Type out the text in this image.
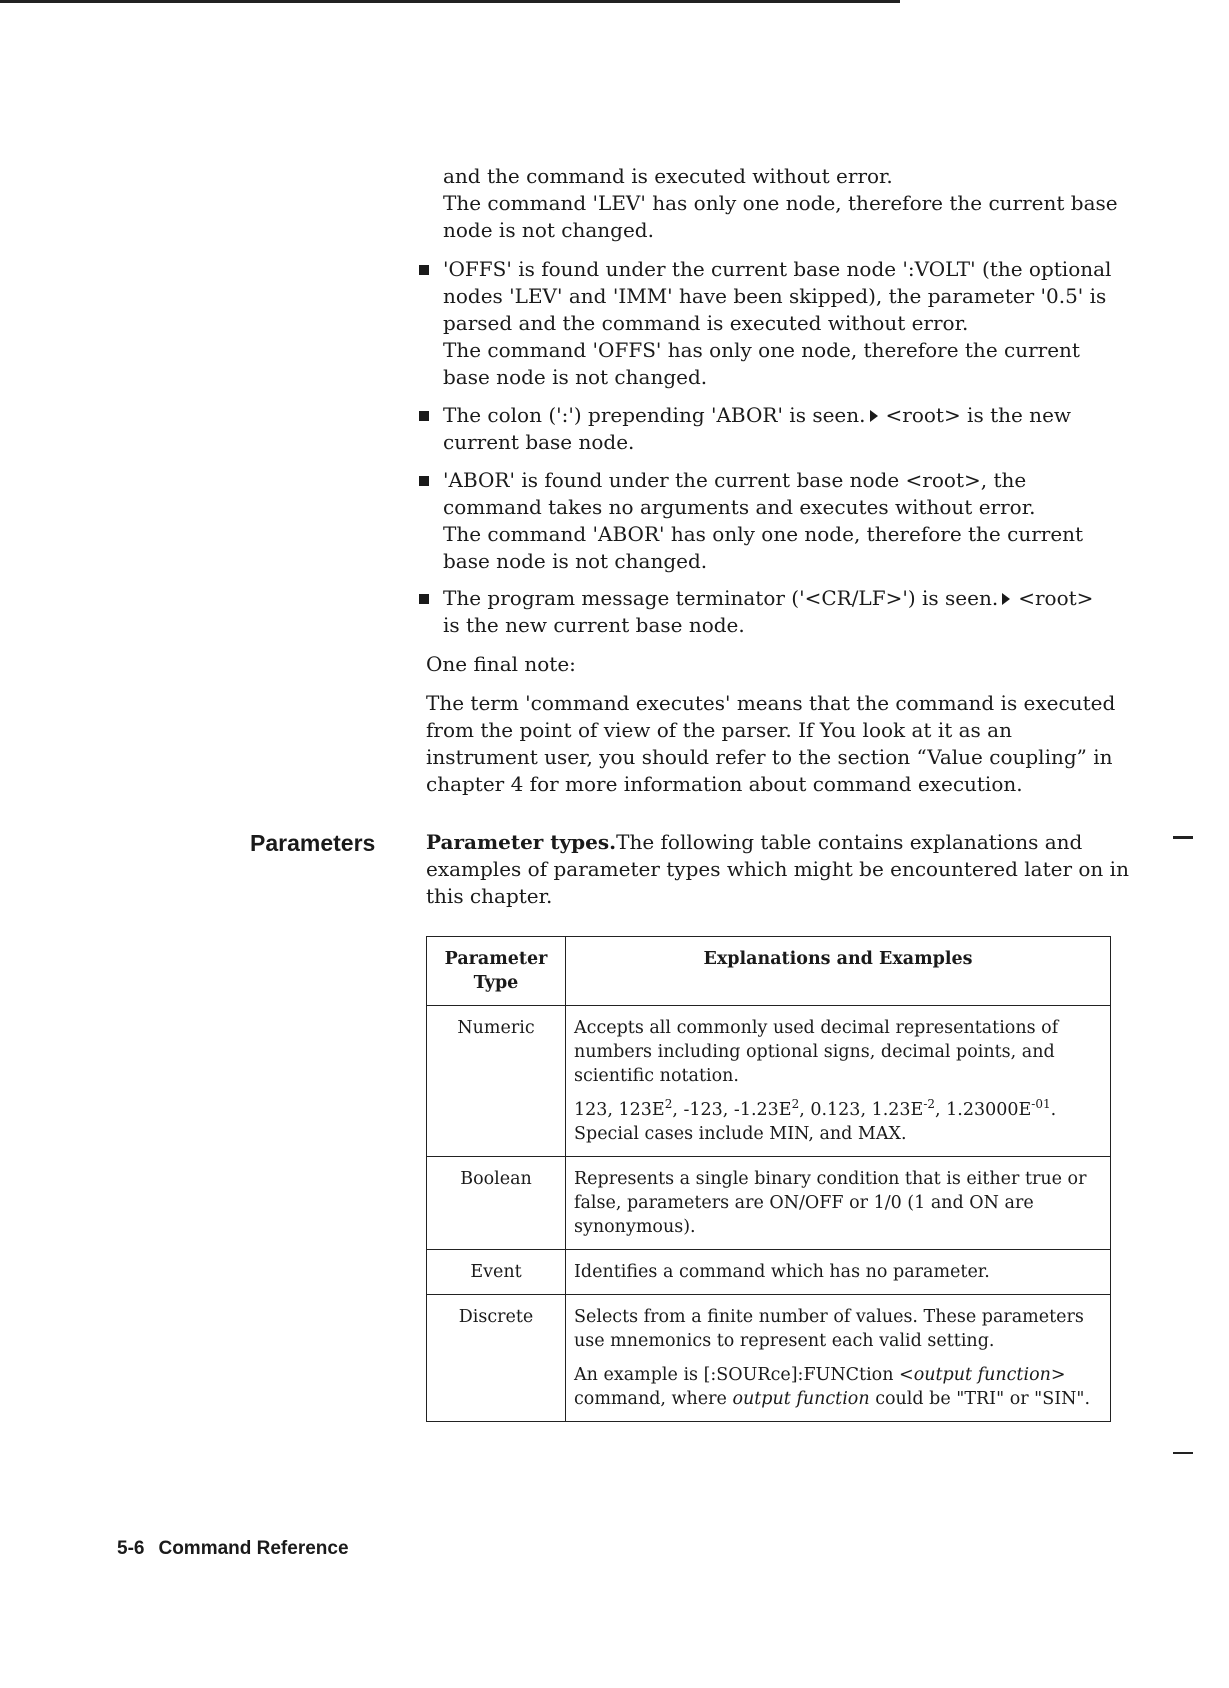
and the command is executed without error.
The command 'LEV' has only one node, therefore the current base
node is not changed.
'OFFS' is found under the current base node ':VOLT' (the optional
nodes 'LEV' and 'IMM' have been skipped), the parameter '0.5' is
parsed and the command is executed without error.
The command 'OFFS' has only one node, therefore the current
base node is not changed.
The colon (':') prepending 'ABOR' is seen. <root> is the new
current base node.
'ABOR' is found under the current base node <root>, the
command takes no arguments and executes without error.
The command 'ABOR' has only one node, therefore the current
base node is not changed.
The program message terminator ('<CR/LF>') is seen. <root>
is the new current base node.
One final note:
The term 'command executes' means that the command is executed
from the point of view of the parser. If You look at it as an
instrument user, you should refer to the section “Value coupling” in
chapter 4 for more information about command execution.
Parameters	Parameter types.The following table contains explanations and
examples of parameter types which might be encountered later on in
this chapter.
Parameter Type	Explanations and Examples
Numeric	Accepts all commonly used decimal representations of numbers including optional signs, decimal points, and scientific notation.
123, $123E^2$, -123, $-1.23E^2$, 0.123, $1.23E^{-2}$, $1.23000E^{-01}$.
Special cases include MIN, and MAX.

Boolean	Represents a single binary condition that is either true or false, parameters are ON/OFF or 1/0 (1 and ON are synonymous).
Event	Identifies a command which has no parameter.
Discrete	Selects from a finite number of values. These parameters use mnemonics to represent each valid setting.
An example is [:SOURce]:FUNCtion <output function> command, where output function could be "TRI" or "SIN".
5-6 Command Reference
